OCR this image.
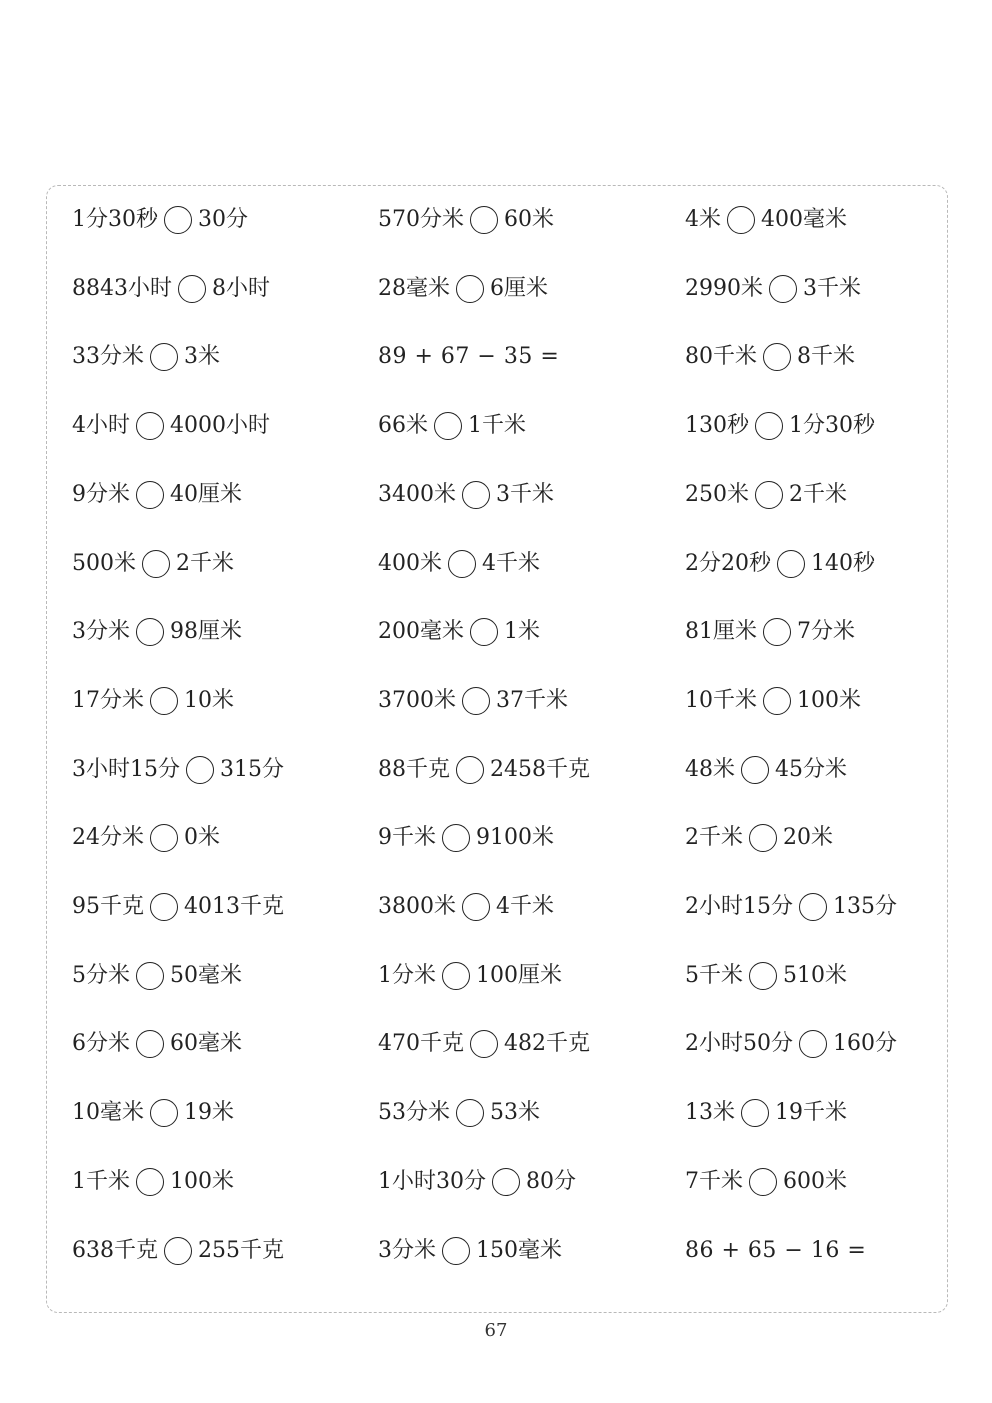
1分30秒 30分	570分米 60米	4米 400毫米
8843小时 8小时	28毫米 6厘米	2990米 3千米
33分米 3米	89 + 67 − 35 =	80千米 8千米
4小时 4000小时	66米 1千米	130秒 1分30秒
9分米 40厘米	3400米 3千米	250米 2千米
500米 2千米	400米 4千米	2分20秒 140秒
3分米 98厘米	200毫米 1米	81厘米 7分米
17分米 10米	3700米 37千米	10千米 100米
3小时15分 315分	88千克 2458千克	48米 45分米
24分米 0米	9千米 9100米	2千米 20米
95千克 4013千克	3800米 4千米	2小时15分 135分
5分米 50毫米	1分米 100厘米	5千米 510米
6分米 60毫米	470千克 482千克	2小时50分 160分
10毫米 19米	53分米 53米	13米 19千米
1千米 100米	1小时30分 80分	7千米 600米
638千克 255千克	3分米 150毫米	86 + 65 − 16 =
67
